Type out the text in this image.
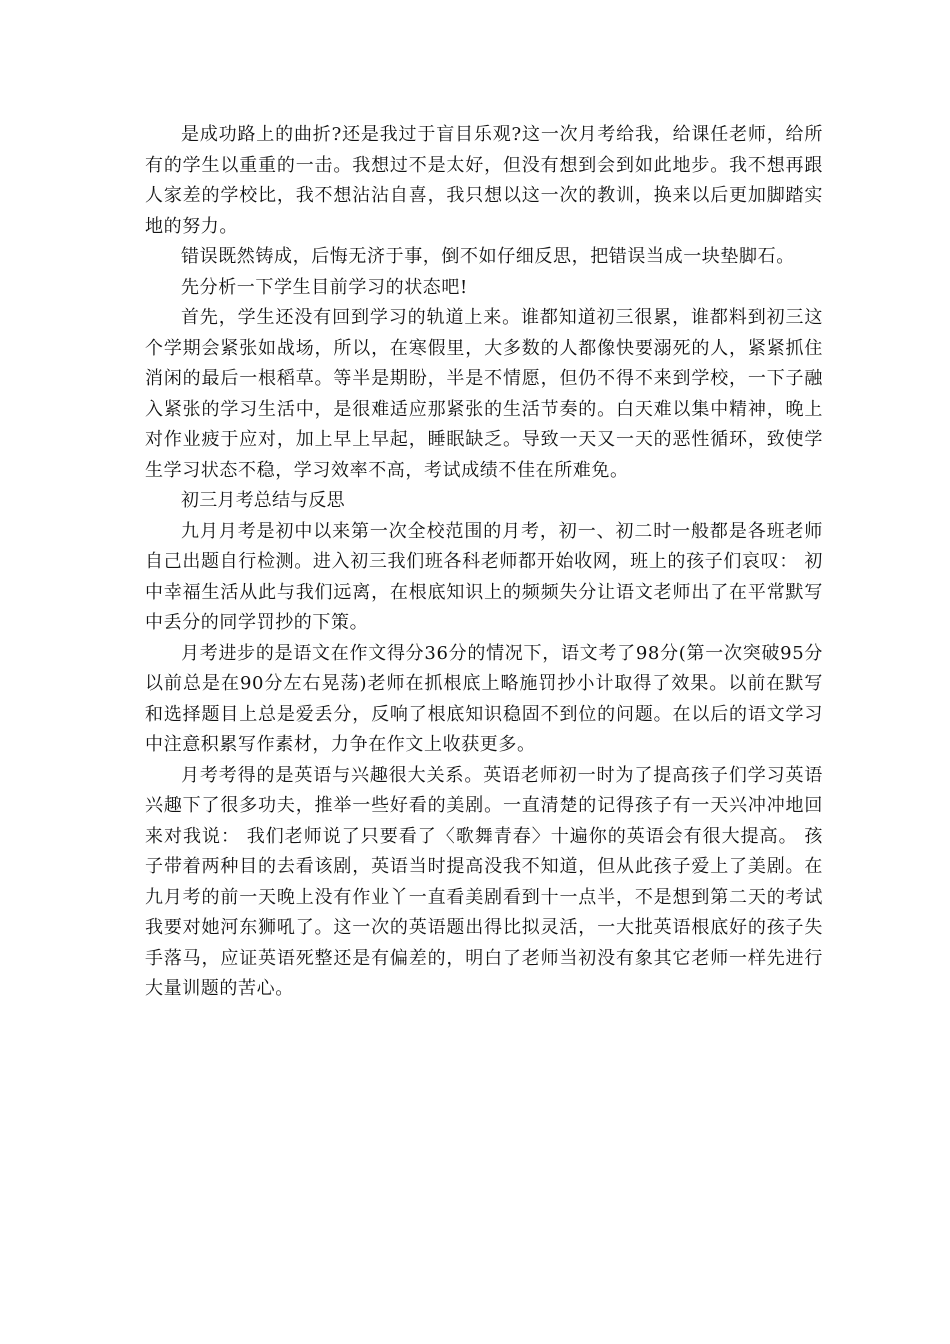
是成功路上的曲折?还是我过于盲目乐观?这一次月考给我，给课任老师，给所有的学生以重重的一击。我想过不是太好，但没有想到会到如此地步。我不想再跟人家差的学校比，我不想沾沾自喜，我只想以这一次的教训，换来以后更加脚踏实地的努力。

错误既然铸成，后悔无济于事，倒不如仔细反思，把错误当成一块垫脚石。

先分析一下学生目前学习的状态吧!

首先，学生还没有回到学习的轨道上来。谁都知道初三很累，谁都料到初三这个学期会紧张如战场，所以，在寒假里，大多数的人都像快要溺死的人，紧紧抓住消闲的最后一根稻草。等半是期盼，半是不情愿，但仍不得不来到学校，一下子融入紧张的学习生活中，是很难适应那紧张的生活节奏的。白天难以集中精神，晚上对作业疲于应对，加上早上早起，睡眠缺乏。导致一天又一天的恶性循环，致使学生学习状态不稳，学习效率不高，考试成绩不佳在所难免。

初三月考总结与反思

九月月考是初中以来第一次全校范围的月考，初一、初二时一般都是各班老师自己出题自行检测。进入初三我们班各科老师都开始收网，班上的孩子们哀叹： 初中幸福生活从此与我们远离，在根底知识上的频频失分让语文老师出了在平常默写中丢分的同学罚抄的下策。

月考进步的是语文在作文得分36分的情况下，语文考了98分(第一次突破95分以前总是在90分左右晃荡)老师在抓根底上略施罚抄小计取得了效果。以前在默写和选择题目上总是爱丢分，反响了根底知识稳固不到位的问题。在以后的语文学习中注意积累写作素材，力争在作文上收获更多。

月考考得的是英语与兴趣很大关系。英语老师初一时为了提高孩子们学习英语兴趣下了很多功夫，推举一些好看的美剧。一直清楚的记得孩子有一天兴冲冲地回来对我说： 我们老师说了只要看了〈歌舞青春〉十遍你的英语会有很大提高。 孩子带着两种目的去看该剧，英语当时提高没我不知道，但从此孩子爱上了美剧。在九月考的前一天晚上没有作业丫一直看美剧看到十一点半，不是想到第二天的考试我要对她河东狮吼了。这一次的英语题出得比拟灵活，一大批英语根底好的孩子失手落马，应证英语死整还是有偏差的，明白了老师当初没有象其它老师一样先进行大量训题的苦心。
